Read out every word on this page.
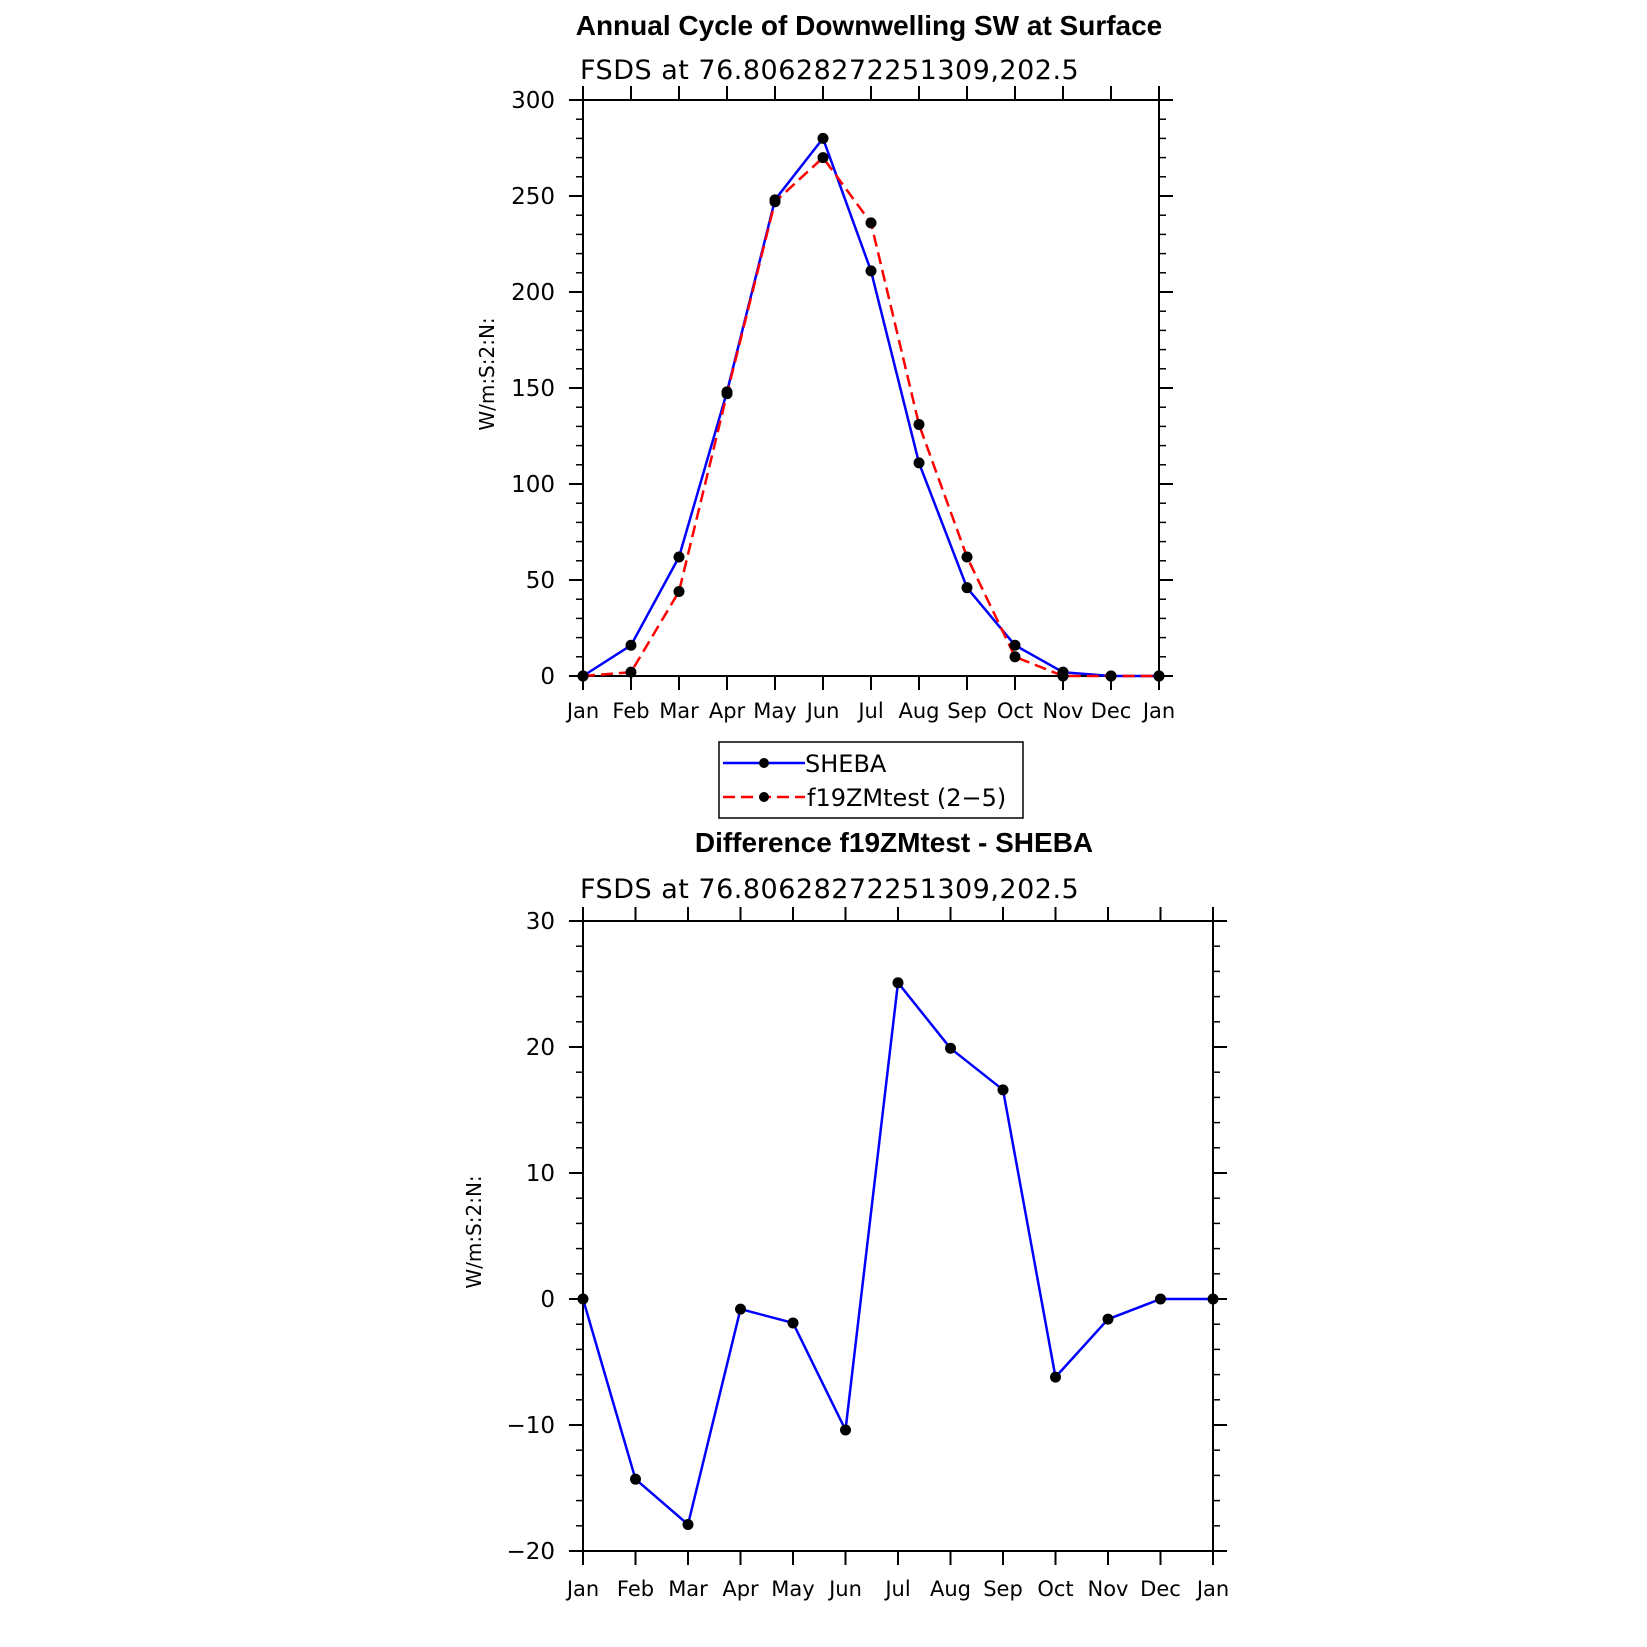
Annual Cycle of Downwelling SW at Surface
FSDS at 76.80628272251309,202.5
W/m:S:2:N:
0
50
100
150
200
250
300
Jan Feb Mar Apr May Jun Jul Aug Sep Oct Nov Dec Jan
SHEBA
f19ZMtest (2−5)
Difference f19ZMtest - SHEBA
FSDS at 76.80628272251309,202.5
W/m:S:2:N:
−20
−10
0
10
20
30
Jan Feb Mar Apr May Jun Jul Aug Sep Oct Nov Dec Jan
